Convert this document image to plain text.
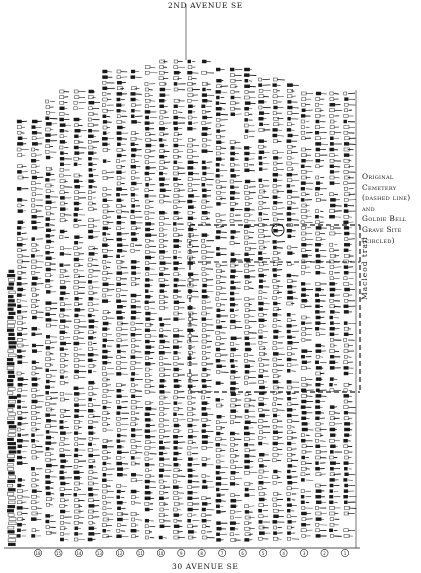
18	15	14	13	12	11	10	9	8	7	6	5	4	3	2	1
2ND AVENUE SE
30 AVENUE SE
Macleod trail
Original
Cemetery
(dashed line)
and
Goldie Bell
Grave Site
(circled)
